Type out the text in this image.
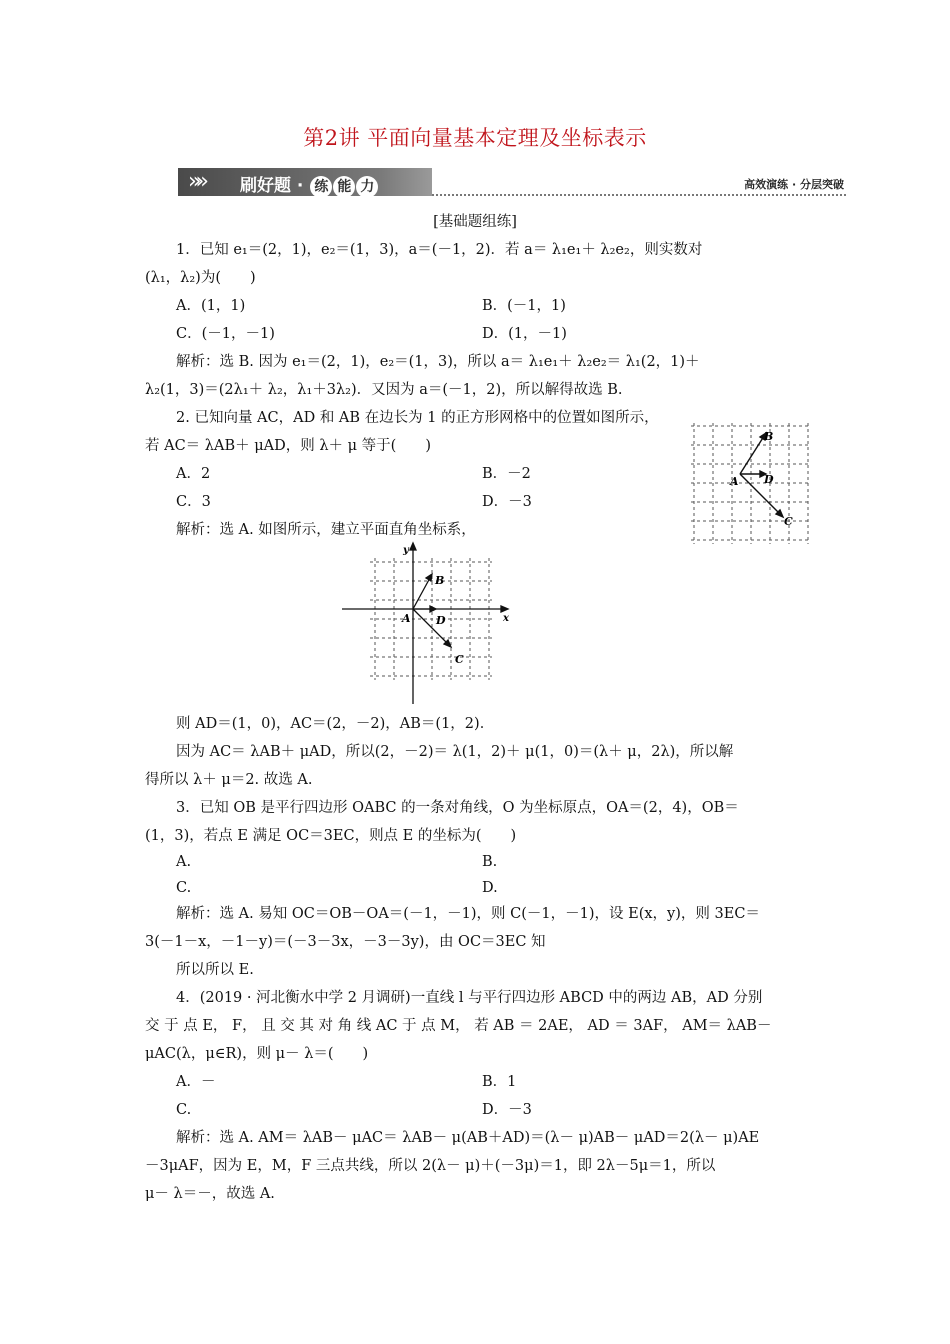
第2讲 平面向量基本定理及坐标表示
»» 刷好题 · 练 能 力	高效演练 · 分层突破
[基础题组练]
1．已知 e₁＝(2，1)，e₂＝(1，3)，a＝(－1，2)．若 a＝ λ₁e₁＋ λ₂e₂，则实数对
(λ₁，λ₂)为(　　)
A．(1，1)	B．(－1，1)
C．(－1，－1)	D．(1，－1)
解析：选 B. 因为 e₁＝(2，1)，e₂＝(1，3)，所以 a＝ λ₁e₁＋ λ₂e₂＝ λ₁(2，1)＋
λ₂(1，3)＝(2λ₁＋ λ₂，λ₁＋3λ₂)．又因为 a＝(－1，2)，所以解得故选 B.
2. 已知向量 AC，AD 和 AB 在边长为 1 的正方形网格中的位置如图所示，
若 AC＝ λAB＋ μAD，则 λ＋ μ 等于(　　)
A．2	B．－2
C．3	D．－3
解析：选 A. 如图所示，建立平面直角坐标系，
A
B
C
D
y
x
A
B
C
D
则 AD＝(1，0)，AC＝(2，－2)，AB＝(1，2)．
因为 AC＝ λAB＋ μAD，所以(2，－2)＝ λ(1，2)＋ μ(1，0)＝(λ＋ μ，2λ)，所以解
得所以 λ＋ μ＝2. 故选 A.
3．已知 OB 是平行四边形 OABC 的一条对角线，O 为坐标原点，OA＝(2，4)，OB＝
(1，3)，若点 E 满足 OC＝3EC，则点 E 的坐标为(　　)
A.	B.
C.	D.
解析：选 A. 易知 OC＝OB－OA＝(－1，－1)，则 C(－1，－1)，设 E(x，y)，则 3EC＝
3(－1－x，－1－y)＝(－3－3x，－3－3y)，由 OC＝3EC 知
所以所以 E.
4．(2019 · 河北衡水中学 2 月调研)一直线 l 与平行四边形 ABCD 中的两边 AB，AD 分别
交 于 点 E， F， 且 交 其 对 角 线 AC 于 点 M， 若 AB ＝ 2AE， AD ＝ 3AF， AM＝ λAB－
μAC(λ，μ∈R)，则 μ－ λ＝(　　)
A．－	B．1
C.	D．－3
解析：选 A. AM＝ λAB－ μAC＝ λAB－ μ(AB＋AD)＝(λ－ μ)AB－ μAD＝2(λ－ μ)AE
－3μAF，因为 E，M，F 三点共线，所以 2(λ－ μ)＋(－3μ)＝1，即 2λ－5μ＝1，所以
μ－ λ＝－，故选 A.
